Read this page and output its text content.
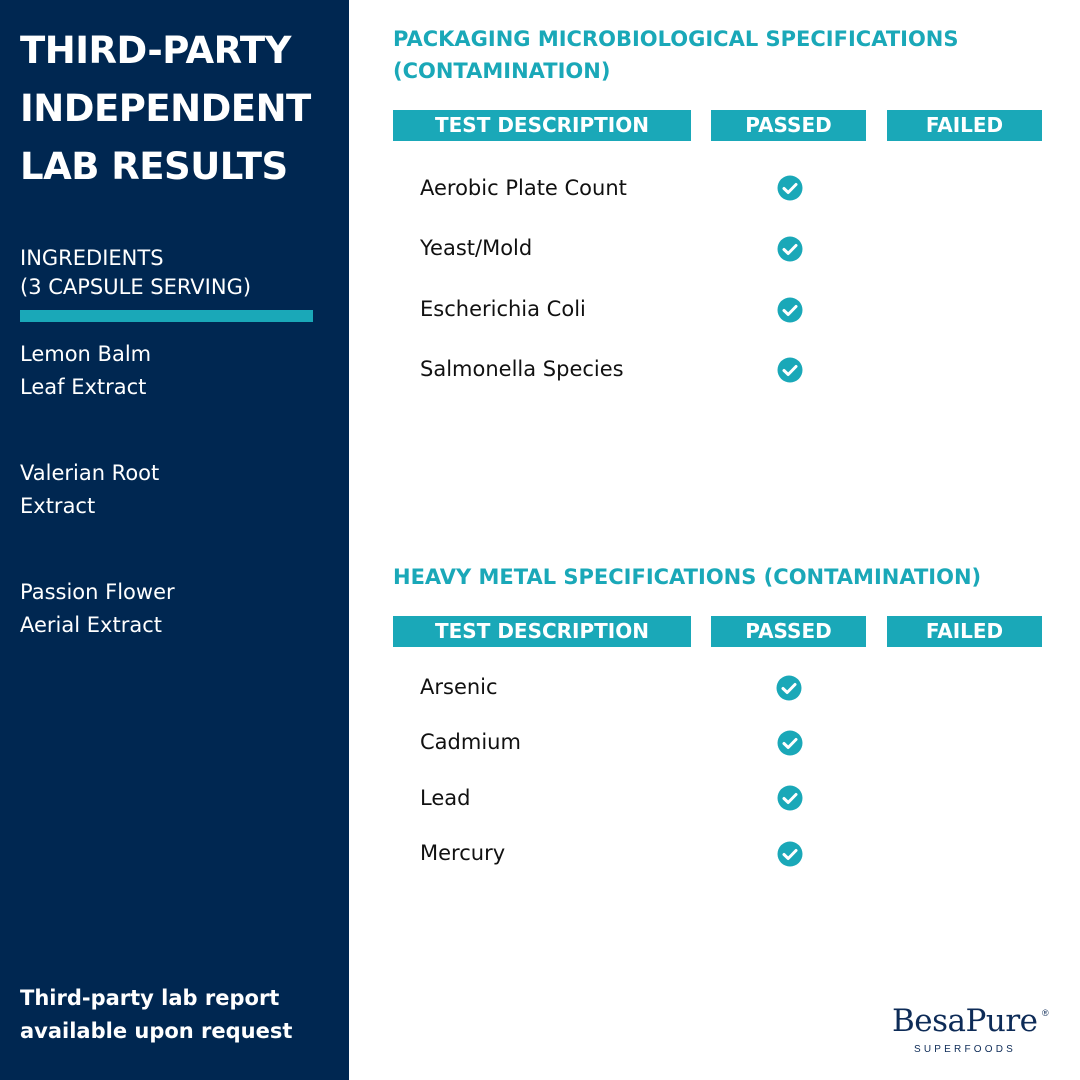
THIRD-PARTY
INDEPENDENT
LAB RESULTS
INGREDIENTS
(3 CAPSULE SERVING)
Lemon Balm
Leaf Extract
Valerian Root
Extract
Passion Flower
Aerial Extract
Third-party lab report
available upon request
PACKAGING MICROBIOLOGICAL SPECIFICATIONS
(CONTAMINATION)
TEST DESCRIPTION	PASSED	FAILED
Aerobic Plate Count
Yeast/Mold
Escherichia Coli
Salmonella Species
HEAVY METAL SPECIFICATIONS (CONTAMINATION)
TEST DESCRIPTION	PASSED	FAILED
Arsenic
Cadmium
Lead
Mercury
BesaPure ®
SUPERFOODS
